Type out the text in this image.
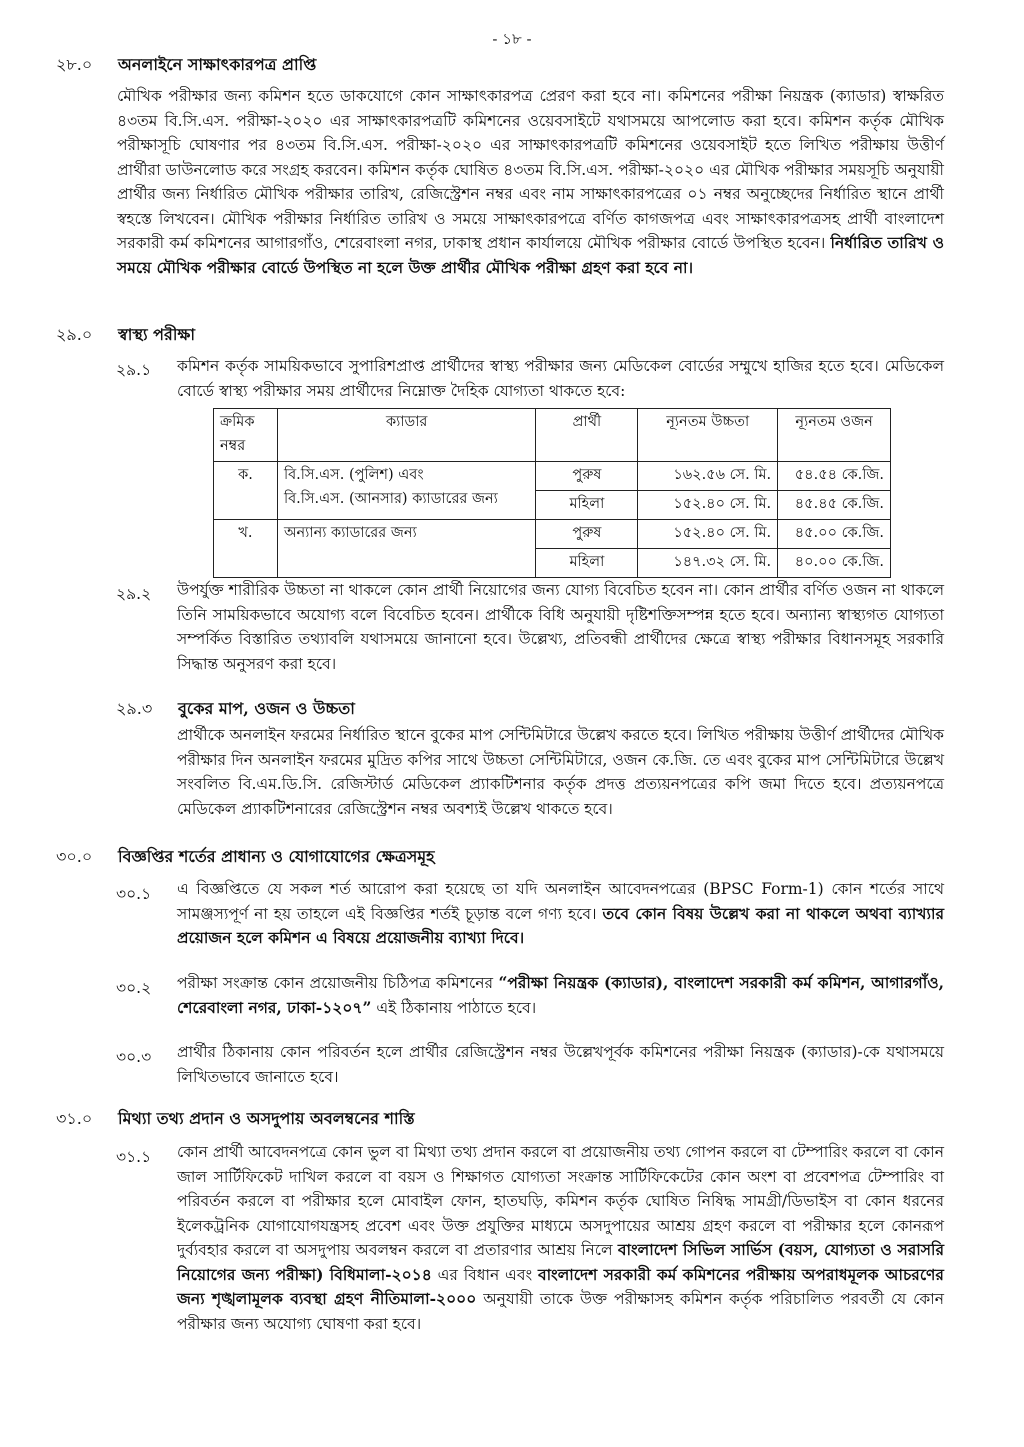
- ১৮ -
২৮.০ অনলাইনে সাক্ষাৎকারপত্র প্রাপ্তি

মৌখিক পরীক্ষার জন্য কমিশন হতে ডাকযোগে কোন সাক্ষাৎকারপত্র প্রেরণ করা হবে না। কমিশনের পরীক্ষা নিয়ন্ত্রক (ক্যাডার) স্বাক্ষরিত ৪৩তম বি.সি.এস. পরীক্ষা-২০২০ এর সাক্ষাৎকারপত্রটি কমিশনের ওয়েবসাইটে যথাসময়ে আপলোড করা হবে। কমিশন কর্তৃক মৌখিক পরীক্ষাসূচি ঘোষণার পর ৪৩তম বি.সি.এস. পরীক্ষা-২০২০ এর সাক্ষাৎকারপত্রটি কমিশনের ওয়েবসাইট হতে লিখিত পরীক্ষায় উত্তীর্ণ প্রার্থীরা ডাউনলোড করে সংগ্রহ করবেন। কমিশন কর্তৃক ঘোষিত ৪৩তম বি.সি.এস. পরীক্ষা-২০২০ এর মৌখিক পরীক্ষার সময়সূচি অনুযায়ী প্রার্থীর জন্য নির্ধারিত মৌখিক পরীক্ষার তারিখ, রেজিস্ট্রেশন নম্বর এবং নাম সাক্ষাৎকারপত্রের ০১ নম্বর অনুচ্ছেদের নির্ধারিত স্থানে প্রার্থী স্বহস্তে লিখবেন। মৌখিক পরীক্ষার নির্ধারিত তারিখ ও সময়ে সাক্ষাৎকারপত্রে বর্ণিত কাগজপত্র এবং সাক্ষাৎকারপত্রসহ প্রার্থী বাংলাদেশ সরকারী কর্ম কমিশনের আগারগাঁও, শেরেবাংলা নগর, ঢাকাস্থ প্রধান কার্যালয়ে মৌখিক পরীক্ষার বোর্ডে উপস্থিত হবেন। নির্ধারিত তারিখ ও সময়ে মৌখিক পরীক্ষার বোর্ডে উপস্থিত না হলে উক্ত প্রার্থীর মৌখিক পরীক্ষা গ্রহণ করা হবে না।

২৯.০ স্বাস্থ্য পরীক্ষা
২৯.১ কমিশন কর্তৃক সাময়িকভাবে সুপারিশপ্রাপ্ত প্রার্থীদের স্বাস্থ্য পরীক্ষার জন্য মেডিকেল বোর্ডের সম্মুখে হাজির হতে হবে। মেডিকেল বোর্ডে স্বাস্থ্য পরীক্ষার সময় প্রার্থীদের নিম্নোক্ত দৈহিক যোগ্যতা থাকতে হবে:

ক্রমিক নম্বর	ক্যাডার	প্রার্থী	ন্যূনতম উচ্চতা	ন্যূনতম ওজন
ক.	বি.সি.এস. (পুলিশ) এবং
বি.সি.এস. (আনসার) ক্যাডারের জন্য	পুরুষ	১৬২.৫৬ সে. মি.	৫৪.৫৪ কে.জি.
		মহিলা	১৫২.৪০ সে. মি.	৪৫.৪৫ কে.জি.
খ.	অন্যান্য ক্যাডারের জন্য	পুরুষ	১৫২.৪০ সে. মি.	৪৫.০০ কে.জি.
		মহিলা	১৪৭.৩২ সে. মি.	৪০.০০ কে.জি.
২৯.২ উপর্যুক্ত শারীরিক উচ্চতা না থাকলে কোন প্রার্থী নিয়োগের জন্য যোগ্য বিবেচিত হবেন না। কোন প্রার্থীর বর্ণিত ওজন না থাকলে তিনি সাময়িকভাবে অযোগ্য বলে বিবেচিত হবেন। প্রার্থীকে বিধি অনুযায়ী দৃষ্টিশক্তিসম্পন্ন হতে হবে। অন্যান্য স্বাস্থ্যগত যোগ্যতা সম্পর্কিত বিস্তারিত তথ্যাবলি যথাসময়ে জানানো হবে। উল্লেখ্য, প্রতিবন্ধী প্রার্থীদের ক্ষেত্রে স্বাস্থ্য পরীক্ষার বিধানসমূহ সরকারি সিদ্ধান্ত অনুসরণ করা হবে।

২৯.৩ বুকের মাপ, ওজন ও উচ্চতা

প্রার্থীকে অনলাইন ফরমের নির্ধারিত স্থানে বুকের মাপ সেন্টিমিটারে উল্লেখ করতে হবে। লিখিত পরীক্ষায় উত্তীর্ণ প্রার্থীদের মৌখিক পরীক্ষার দিন অনলাইন ফরমের মুদ্রিত কপির সাথে উচ্চতা সেন্টিমিটারে, ওজন কে.জি. তে এবং বুকের মাপ সেন্টিমিটারে উল্লেখ সংবলিত বি.এম.ডি.সি. রেজিস্টার্ড মেডিকেল প্র্যাকটিশনার কর্তৃক প্রদত্ত প্রত্যয়নপত্রের কপি জমা দিতে হবে। প্রত্যয়নপত্রে মেডিকেল প্র্যাকটিশনারের রেজিস্ট্রেশন নম্বর অবশ্যই উল্লেখ থাকতে হবে।

৩০.০ বিজ্ঞপ্তির শর্তের প্রাধান্য ও যোগাযোগের ক্ষেত্রসমূহ
৩০.১ এ বিজ্ঞপ্তিতে যে সকল শর্ত আরোপ করা হয়েছে তা যদি অনলাইন আবেদনপত্রের (BPSC Form-1) কোন শর্তের সাথে সামঞ্জস্যপূর্ণ না হয় তাহলে এই বিজ্ঞপ্তির শর্তই চূড়ান্ত বলে গণ্য হবে। তবে কোন বিষয় উল্লেখ করা না থাকলে অথবা ব্যাখ্যার প্রয়োজন হলে কমিশন এ বিষয়ে প্রয়োজনীয় ব্যাখ্যা দিবে।

৩০.২ পরীক্ষা সংক্রান্ত কোন প্রয়োজনীয় চিঠিপত্র কমিশনের “পরীক্ষা নিয়ন্ত্রক (ক্যাডার), বাংলাদেশ সরকারী কর্ম কমিশন, আগারগাঁও, শেরেবাংলা নগর, ঢাকা-১২০৭” এই ঠিকানায় পাঠাতে হবে।

৩০.৩ প্রার্থীর ঠিকানায় কোন পরিবর্তন হলে প্রার্থীর রেজিস্ট্রেশন নম্বর উল্লেখপূর্বক কমিশনের পরীক্ষা নিয়ন্ত্রক (ক্যাডার)-কে যথাসময়ে লিখিতভাবে জানাতে হবে।

৩১.০ মিথ্যা তথ্য প্রদান ও অসদুপায় অবলম্বনের শাস্তি
৩১.১ কোন প্রার্থী আবেদনপত্রে কোন ভুল বা মিথ্যা তথ্য প্রদান করলে বা প্রয়োজনীয় তথ্য গোপন করলে বা টেম্পারিং করলে বা কোন জাল সার্টিফিকেট দাখিল করলে বা বয়স ও শিক্ষাগত যোগ্যতা সংক্রান্ত সার্টিফিকেটের কোন অংশ বা প্রবেশপত্র টেম্পারিং বা পরিবর্তন করলে বা পরীক্ষার হলে মোবাইল ফোন, হাতঘড়ি, কমিশন কর্তৃক ঘোষিত নিষিদ্ধ সামগ্রী/ডিভাইস বা কোন ধরনের ইলেকট্রনিক যোগাযোগযন্ত্রসহ প্রবেশ এবং উক্ত প্রযুক্তির মাধ্যমে অসদুপায়ের আশ্রয় গ্রহণ করলে বা পরীক্ষার হলে কোনরূপ দুর্ব্যবহার করলে বা অসদুপায় অবলম্বন করলে বা প্রতারণার আশ্রয় নিলে বাংলাদেশ সিভিল সার্ভিস (বয়স, যোগ্যতা ও সরাসরি নিয়োগের জন্য পরীক্ষা) বিধিমালা-২০১৪ এর বিধান এবং বাংলাদেশ সরকারী কর্ম কমিশনের পরীক্ষায় অপরাধমূলক আচরণের জন্য শৃঙ্খলামূলক ব্যবস্থা গ্রহণ নীতিমালা-২০০০ অনুযায়ী তাকে উক্ত পরীক্ষাসহ কমিশন কর্তৃক পরিচালিত পরবর্তী যে কোন পরীক্ষার জন্য অযোগ্য ঘোষণা করা হবে।
